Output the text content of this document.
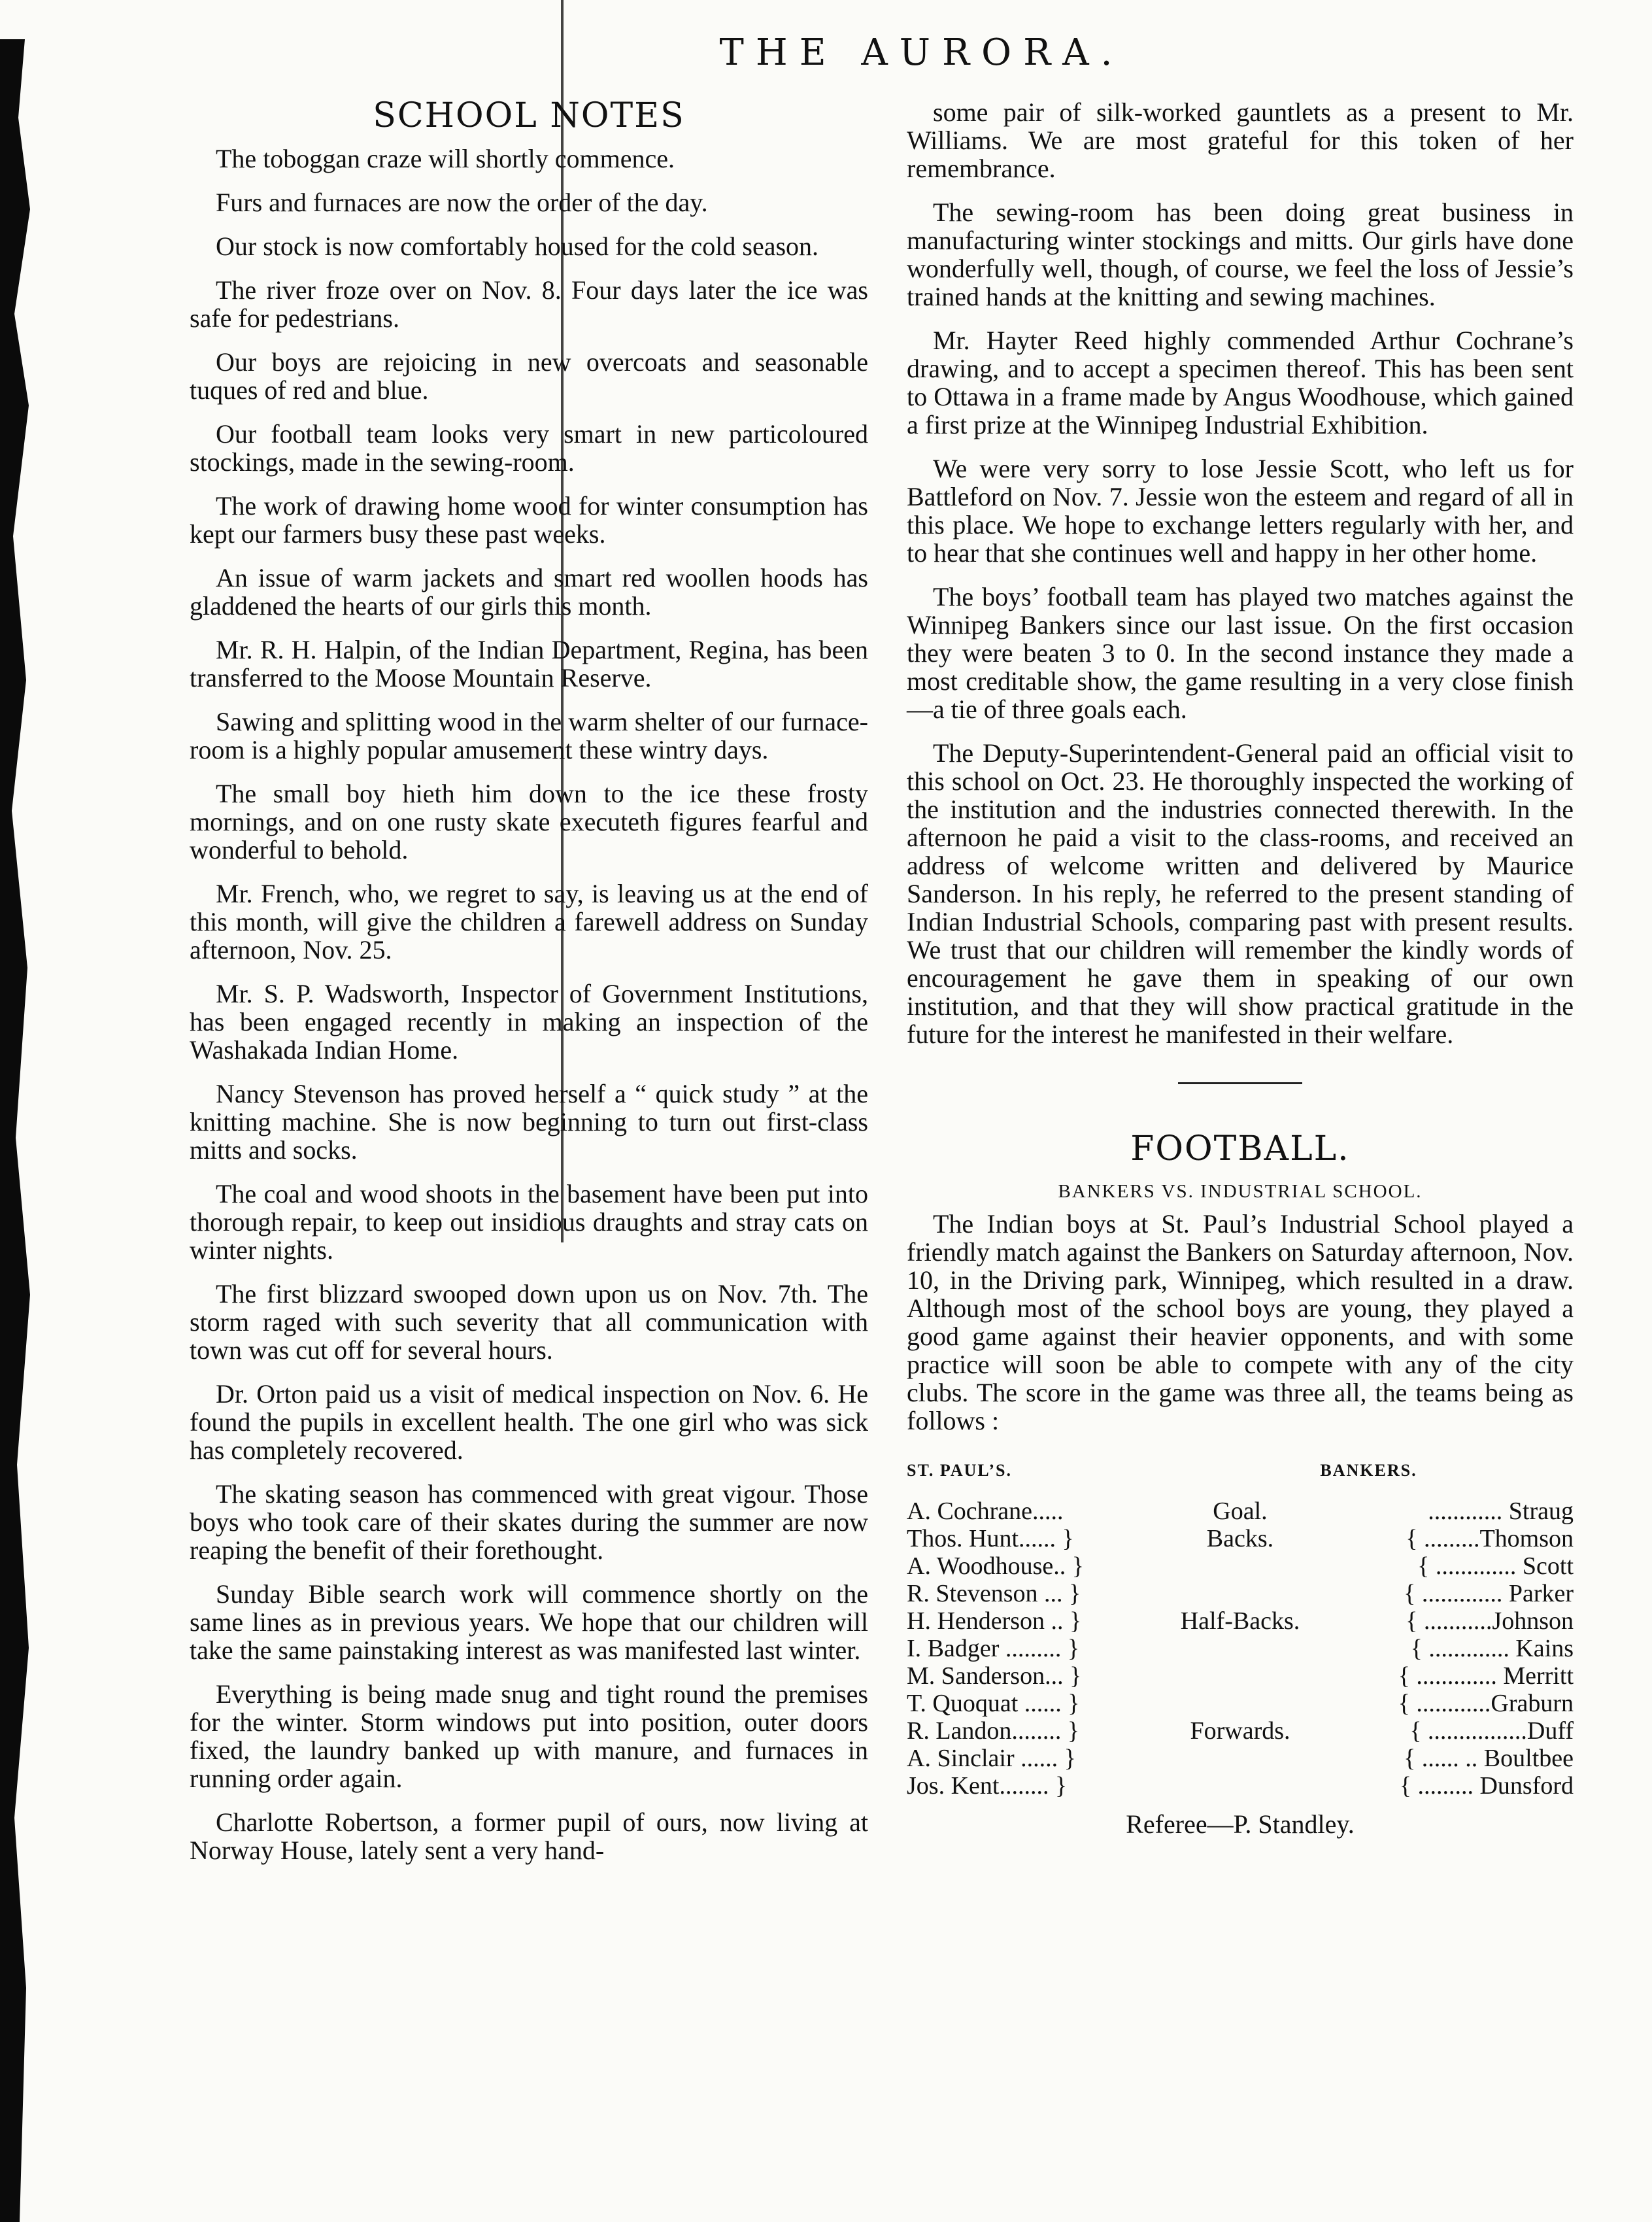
THE AURORA.
SCHOOL NOTES

The toboggan craze will shortly commence.

Furs and furnaces are now the order of the day.

Our stock is now comfortably housed for the cold season.

The river froze over on Nov. 8. Four days later the ice was safe for pedestrians.

Our boys are rejoicing in new overcoats and seasonable tuques of red and blue.

Our football team looks very smart in new particoloured stockings, made in the sewing-room.

The work of drawing home wood for winter consumption has kept our farmers busy these past weeks.

An issue of warm jackets and smart red woollen hoods has gladdened the hearts of our girls this month.

Mr. R. H. Halpin, of the Indian Department, Regina, has been transferred to the Moose Mountain Reserve.

Sawing and splitting wood in the warm shelter of our furnace-room is a highly popular amusement these wintry days.

The small boy hieth him down to the ice these frosty mornings, and on one rusty skate executeth figures fearful and wonderful to behold.

Mr. French, who, we regret to say, is leaving us at the end of this month, will give the children a farewell address on Sunday afternoon, Nov. 25.

Mr. S. P. Wadsworth, Inspector of Government Institutions, has been engaged recently in making an inspection of the Washakada Indian Home.

Nancy Stevenson has proved herself a “ quick study ” at the knitting machine. She is now beginning to turn out first-class mitts and socks.

The coal and wood shoots in the basement have been put into thorough repair, to keep out insidious draughts and stray cats on winter nights.

The first blizzard swooped down upon us on Nov. 7th. The storm raged with such severity that all communication with town was cut off for several hours.

Dr. Orton paid us a visit of medical inspection on Nov. 6. He found the pupils in excellent health. The one girl who was sick has completely recovered.

The skating season has commenced with great vigour. Those boys who took care of their skates during the summer are now reaping the benefit of their forethought.

Sunday Bible search work will commence shortly on the same lines as in previous years. We hope that our children will take the same painstaking interest as was manifested last winter.

Everything is being made snug and tight round the premises for the winter. Storm windows put into position, outer doors fixed, the laundry banked up with manure, and furnaces in running order again.

Charlotte Robertson, a former pupil of ours, now living at Norway House, lately sent a very hand-

some pair of silk-worked gauntlets as a present to Mr. Williams. We are most grateful for this token of her remembrance.

The sewing-room has been doing great business in manufacturing winter stockings and mitts. Our girls have done wonderfully well, though, of course, we feel the loss of Jessie’s trained hands at the knitting and sewing machines.

Mr. Hayter Reed highly commended Arthur Cochrane’s drawing, and to accept a specimen thereof. This has been sent to Ottawa in a frame made by Angus Woodhouse, which gained a first prize at the Winnipeg Industrial Exhibition.

We were very sorry to lose Jessie Scott, who left us for Battleford on Nov. 7. Jessie won the esteem and regard of all in this place. We hope to exchange letters regularly with her, and to hear that she continues well and happy in her other home.

The boys’ football team has played two matches against the Winnipeg Bankers since our last issue. On the first occasion they were beaten 3 to 0. In the second instance they made a most creditable show, the game resulting in a very close finish—a tie of three goals each.

The Deputy-Superintendent-General paid an official visit to this school on Oct. 23. He thoroughly inspected the working of the institution and the industries connected therewith. In the afternoon he paid a visit to the class-rooms, and received an address of welcome written and delivered by Maurice Sanderson. In his reply, he referred to the present standing of Indian Industrial Schools, comparing past with present results. We trust that our children will remember the kindly words of encouragement he gave them in speaking of our own institution, and that they will show practical gratitude in the future for the interest he manifested in their welfare.

FOOTBALL.
BANKERS VS. INDUSTRIAL SCHOOL.

The Indian boys at St. Paul’s Industrial School played a friendly match against the Bankers on Saturday afternoon, Nov. 10, in the Driving park, Winnipeg, which resulted in a draw. Although most of the school boys are young, they played a good game against their heavier opponents, and with some practice will soon be able to compete with any of the city clubs. The score in the game was three all, the teams being as follows :

ST. PAUL’S.		BANKERS.
A. Cochrane.....	Goal.	............ Straug
Thos. Hunt...... }	Backs.	{ .........Thomson
A. Woodhouse.. }		{ ............. Scott
R. Stevenson ... }		{ ............. Parker
H. Henderson .. }	Half-Backs.	{ ...........Johnson
I. Badger ......... }		{ ............. Kains
M. Sanderson... }		{ ............. Merritt
T. Quoquat ...... }		{ ............Graburn
R. Landon........ }	Forwards.	{ ................Duff
A. Sinclair ...... }		{ ...... .. Boultbee
Jos. Kent........ }		{ ......... Dunsford
Referee—P. Standley.
